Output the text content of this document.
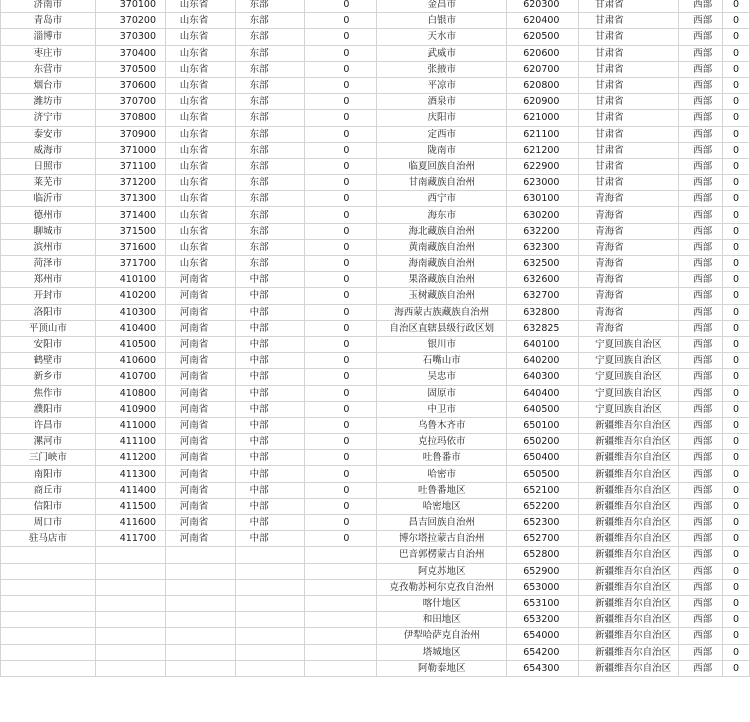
济南市	370100	山东省	东部	0	金昌市	620300	甘肃省	西部	0
青岛市	370200	山东省	东部	0	白银市	620400	甘肃省	西部	0
淄博市	370300	山东省	东部	0	天水市	620500	甘肃省	西部	0
枣庄市	370400	山东省	东部	0	武威市	620600	甘肃省	西部	0
东营市	370500	山东省	东部	0	张掖市	620700	甘肃省	西部	0
烟台市	370600	山东省	东部	0	平凉市	620800	甘肃省	西部	0
潍坊市	370700	山东省	东部	0	酒泉市	620900	甘肃省	西部	0
济宁市	370800	山东省	东部	0	庆阳市	621000	甘肃省	西部	0
泰安市	370900	山东省	东部	0	定西市	621100	甘肃省	西部	0
威海市	371000	山东省	东部	0	陇南市	621200	甘肃省	西部	0
日照市	371100	山东省	东部	0	临夏回族自治州	622900	甘肃省	西部	0
莱芜市	371200	山东省	东部	0	甘南藏族自治州	623000	甘肃省	西部	0
临沂市	371300	山东省	东部	0	西宁市	630100	青海省	西部	0
德州市	371400	山东省	东部	0	海东市	630200	青海省	西部	0
聊城市	371500	山东省	东部	0	海北藏族自治州	632200	青海省	西部	0
滨州市	371600	山东省	东部	0	黄南藏族自治州	632300	青海省	西部	0
菏泽市	371700	山东省	东部	0	海南藏族自治州	632500	青海省	西部	0
郑州市	410100	河南省	中部	0	果洛藏族自治州	632600	青海省	西部	0
开封市	410200	河南省	中部	0	玉树藏族自治州	632700	青海省	西部	0
洛阳市	410300	河南省	中部	0	海西蒙古族藏族自治州	632800	青海省	西部	0
平顶山市	410400	河南省	中部	0	自治区直辖县级行政区划	632825	青海省	西部	0
安阳市	410500	河南省	中部	0	银川市	640100	宁夏回族自治区	西部	0
鹤壁市	410600	河南省	中部	0	石嘴山市	640200	宁夏回族自治区	西部	0
新乡市	410700	河南省	中部	0	吴忠市	640300	宁夏回族自治区	西部	0
焦作市	410800	河南省	中部	0	固原市	640400	宁夏回族自治区	西部	0
濮阳市	410900	河南省	中部	0	中卫市	640500	宁夏回族自治区	西部	0
许昌市	411000	河南省	中部	0	乌鲁木齐市	650100	新疆维吾尔自治区	西部	0
漯河市	411100	河南省	中部	0	克拉玛依市	650200	新疆维吾尔自治区	西部	0
三门峡市	411200	河南省	中部	0	吐鲁番市	650400	新疆维吾尔自治区	西部	0
南阳市	411300	河南省	中部	0	哈密市	650500	新疆维吾尔自治区	西部	0
商丘市	411400	河南省	中部	0	吐鲁番地区	652100	新疆维吾尔自治区	西部	0
信阳市	411500	河南省	中部	0	哈密地区	652200	新疆维吾尔自治区	西部	0
周口市	411600	河南省	中部	0	昌吉回族自治州	652300	新疆维吾尔自治区	西部	0
驻马店市	411700	河南省	中部	0	博尔塔拉蒙古自治州	652700	新疆维吾尔自治区	西部	0
					巴音郭楞蒙古自治州	652800	新疆维吾尔自治区	西部	0
					阿克苏地区	652900	新疆维吾尔自治区	西部	0
					克孜勒苏柯尔克孜自治州	653000	新疆维吾尔自治区	西部	0
					喀什地区	653100	新疆维吾尔自治区	西部	0
					和田地区	653200	新疆维吾尔自治区	西部	0
					伊犁哈萨克自治州	654000	新疆维吾尔自治区	西部	0
					塔城地区	654200	新疆维吾尔自治区	西部	0
					阿勒泰地区	654300	新疆维吾尔自治区	西部	0
